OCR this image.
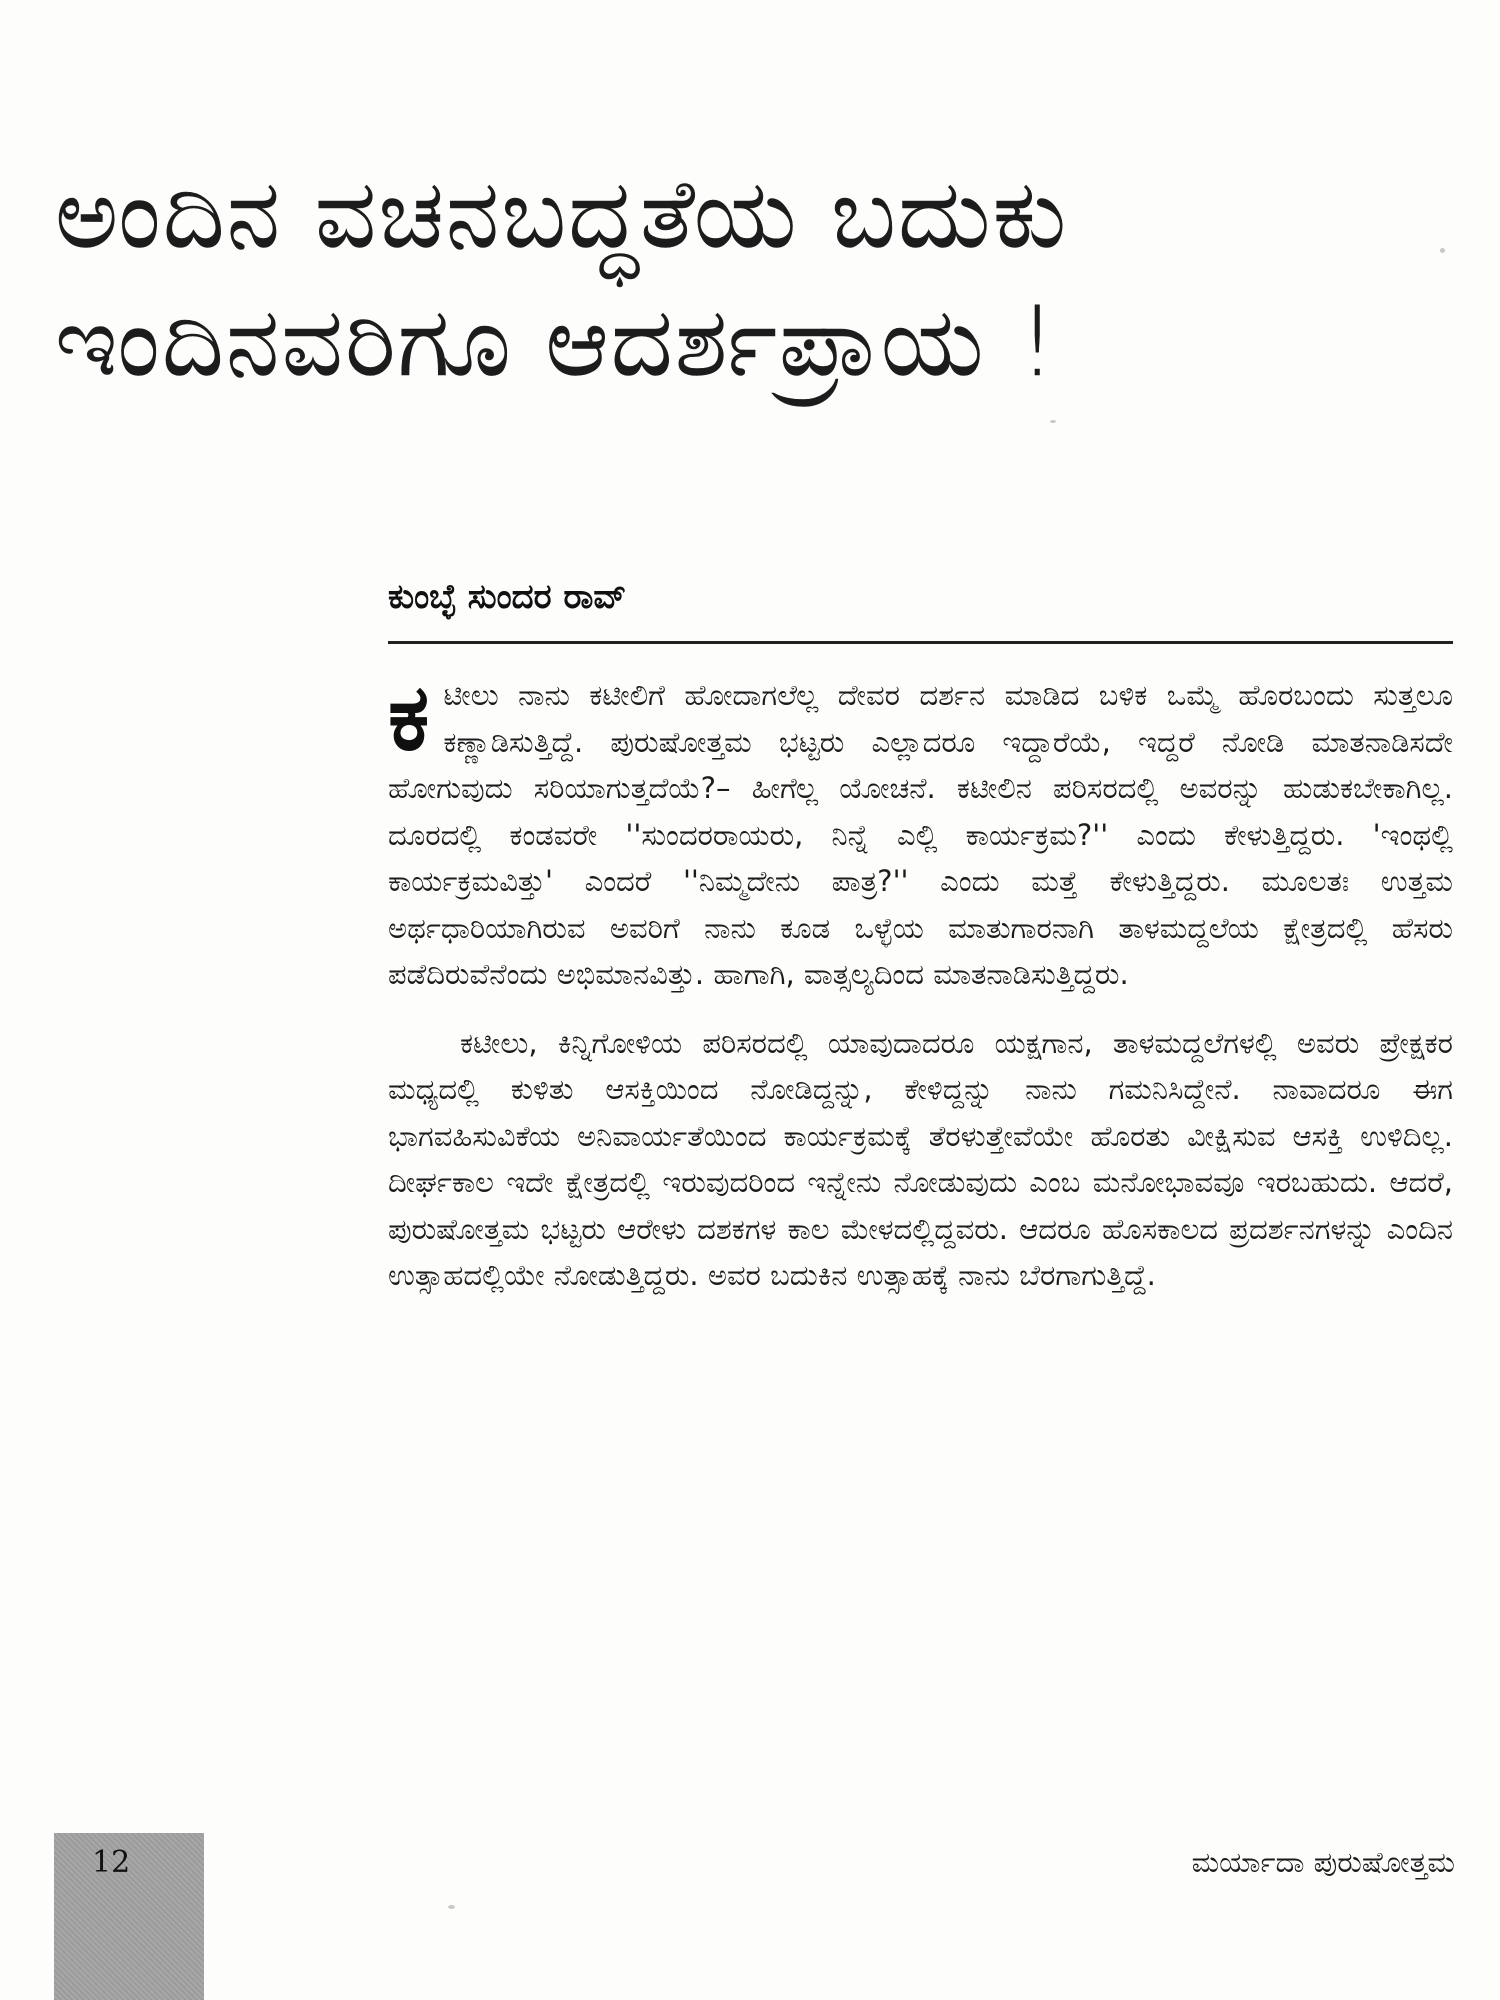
ಅಂದಿನ ವಚನಬದ್ಧತೆಯ ಬದುಕು
ಇಂದಿನವರಿಗೂ ಆದರ್ಶಪ್ರಾಯ !
ಕುಂಬ್ಳೆ ಸುಂದರ ರಾವ್

ಕಟೀಲು ನಾನು ಕಟೀಲಿಗೆ ಹೋದಾಗಲೆಲ್ಲ ದೇವರ ದರ್ಶನ ಮಾಡಿದ ಬಳಿಕ ಒಮ್ಮೆ ಹೊರಬಂದು ಸುತ್ತಲೂ ಕಣ್ಣಾಡಿಸುತ್ತಿದ್ದೆ. ಪುರುಷೋತ್ತಮ ಭಟ್ಟರು ಎಲ್ಲಾದರೂ ಇದ್ದಾರೆಯೆ, ಇದ್ದರೆ ನೋಡಿ ಮಾತನಾಡಿಸದೇ ಹೋಗುವುದು ಸರಿಯಾಗುತ್ತದೆಯೆ?– ಹೀಗೆಲ್ಲ ಯೋಚನೆ. ಕಟೀಲಿನ ಪರಿಸರದಲ್ಲಿ ಅವರನ್ನು ಹುಡುಕಬೇಕಾಗಿಲ್ಲ. ದೂರದಲ್ಲಿ ಕಂಡವರೇ ''ಸುಂದರರಾಯರು, ನಿನ್ನೆ ಎಲ್ಲಿ ಕಾರ್ಯಕ್ರಮ?'' ಎಂದು ಕೇಳುತ್ತಿದ್ದರು. 'ಇಂಥಲ್ಲಿ ಕಾರ್ಯಕ್ರಮವಿತ್ತು' ಎಂದರೆ ''ನಿಮ್ಮದೇನು ಪಾತ್ರ?'' ಎಂದು ಮತ್ತೆ ಕೇಳುತ್ತಿದ್ದರು. ಮೂಲತಃ ಉತ್ತಮ ಅರ್ಥಧಾರಿಯಾಗಿರುವ ಅವರಿಗೆ ನಾನು ಕೂಡ ಒಳ್ಳೆಯ ಮಾತುಗಾರನಾಗಿ ತಾಳಮದ್ದಲೆಯ ಕ್ಷೇತ್ರದಲ್ಲಿ ಹೆಸರು ಪಡೆದಿರುವೆನೆಂದು ಅಭಿಮಾನವಿತ್ತು. ಹಾಗಾಗಿ, ವಾತ್ಸಲ್ಯದಿಂದ ಮಾತನಾಡಿಸುತ್ತಿದ್ದರು.

ಕಟೀಲು, ಕಿನ್ನಿಗೋಳಿಯ ಪರಿಸರದಲ್ಲಿ ಯಾವುದಾದರೂ ಯಕ್ಷಗಾನ, ತಾಳಮದ್ದಲೆಗಳಲ್ಲಿ ಅವರು ಪ್ರೇಕ್ಷಕರ ಮಧ್ಯದಲ್ಲಿ ಕುಳಿತು ಆಸಕ್ತಿಯಿಂದ ನೋಡಿದ್ದನ್ನು, ಕೇಳಿದ್ದನ್ನು ನಾನು ಗಮನಿಸಿದ್ದೇನೆ. ನಾವಾದರೂ ಈಗ ಭಾಗವಹಿಸುವಿಕೆಯ ಅನಿವಾರ್ಯತೆಯಿಂದ ಕಾರ್ಯಕ್ರಮಕ್ಕೆ ತೆರಳುತ್ತೇವೆಯೇ ಹೊರತು ವೀಕ್ಷಿಸುವ ಆಸಕ್ತಿ ಉಳಿದಿಲ್ಲ. ದೀರ್ಘಕಾಲ ಇದೇ ಕ್ಷೇತ್ರದಲ್ಲಿ ಇರುವುದರಿಂದ ಇನ್ನೇನು ನೋಡುವುದು ಎಂಬ ಮನೋಭಾವವೂ ಇರಬಹುದು. ಆದರೆ, ಪುರುಷೋತ್ತಮ ಭಟ್ಟರು ಆರೇಳು ದಶಕಗಳ ಕಾಲ ಮೇಳದಲ್ಲಿದ್ದವರು. ಆದರೂ ಹೊಸಕಾಲದ ಪ್ರದರ್ಶನಗಳನ್ನು ಎಂದಿನ ಉತ್ಸಾಹದಲ್ಲಿಯೇ ನೋಡುತ್ತಿದ್ದರು. ಅವರ ಬದುಕಿನ ಉತ್ಸಾಹಕ್ಕೆ ನಾನು ಬೆರಗಾಗುತ್ತಿದ್ದೆ.

12	ಮರ್ಯಾದಾ ಪುರುಷೋತ್ತಮ
